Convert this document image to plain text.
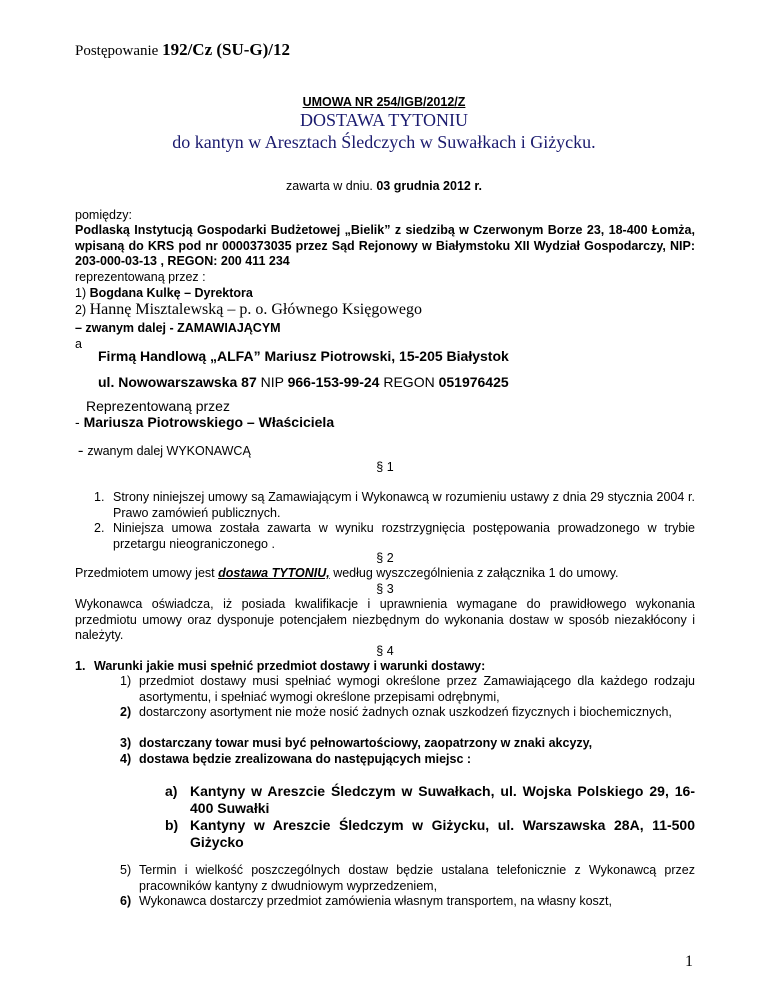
Postępowanie 192/Cz (SU-G)/12
UMOWA NR 254/IGB/2012/Z
DOSTAWA TYTONIU
do kantyn w Aresztach Śledczych w Suwałkach i Giżycku.
zawarta w dniu. 03 grudnia 2012 r.
pomiędzy:
Podlaską Instytucją Gospodarki Budżetowej „Bielik” z siedzibą w Czerwonym Borze 23, 18-400 Łomża, wpisaną do KRS pod nr 0000373035 przez Sąd Rejonowy w Białymstoku XII Wydział Gospodarczy, NIP: 203-000-03-13 , REGON: 200 411 234
reprezentowaną przez :
1) Bogdana Kulkę – Dyrektora
2) Hannę Misztalewską – p. o. Głównego Księgowego
– zwanym dalej - ZAMAWIAJĄCYM
a
Firmą Handlową „ALFA” Mariusz Piotrowski, 15-205 Białystok
ul. Nowowarszawska 87 NIP 966-153-99-24 REGON 051976425
Reprezentowaną przez
- Mariusza Piotrowskiego – Właściciela
- zwanym dalej WYKONAWCĄ
§ 1
1. Strony niniejszej umowy są Zamawiającym i Wykonawcą w rozumieniu ustawy z dnia 29 stycznia 2004 r. Prawo zamówień publicznych.
2. Niniejsza umowa została zawarta w wyniku rozstrzygnięcia postępowania prowadzonego w trybie przetargu nieograniczonego .
§ 2
Przedmiotem umowy jest dostawa TYTONIU, według wyszczególnienia z załącznika 1 do umowy.
§ 3
Wykonawca oświadcza, iż posiada kwalifikacje i uprawnienia wymagane do prawidłowego wykonania przedmiotu umowy oraz dysponuje potencjałem niezbędnym do wykonania dostaw w sposób niezakłócony i należyty.
§ 4
1. Warunki jakie musi spełnić przedmiot dostawy i warunki dostawy:
1) przedmiot dostawy musi spełniać wymogi określone przez Zamawiającego dla każdego rodzaju asortymentu, i spełniać wymogi określone przepisami odrębnymi,
2) dostarczony asortyment nie może nosić żadnych oznak uszkodzeń fizycznych i biochemicznych,
3) dostarczany towar musi być pełnowartościowy, zaopatrzony w znaki akcyzy,
4) dostawa będzie zrealizowana do następujących miejsc :
a) Kantyny w Areszcie Śledczym w Suwałkach, ul. Wojska Polskiego 29, 16-400 Suwałki
b) Kantyny w Areszcie Śledczym w Giżycku, ul. Warszawska 28A, 11-500 Giżycko
5) Termin i wielkość poszczególnych dostaw będzie ustalana telefonicznie z Wykonawcą przez pracowników kantyny z dwudniowym wyprzedzeniem,
6) Wykonawca dostarczy przedmiot zamówienia własnym transportem, na własny koszt,
1
